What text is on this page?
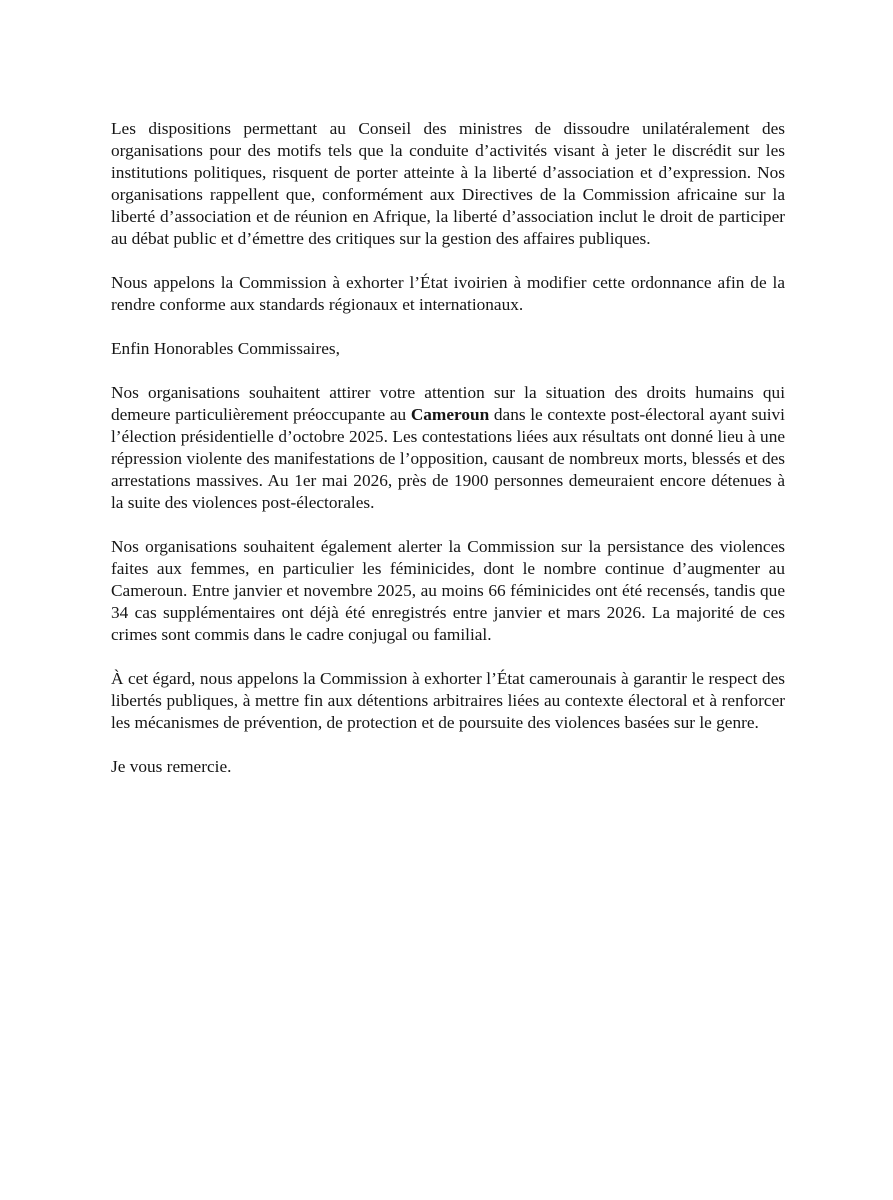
Les dispositions permettant au Conseil des ministres de dissoudre unilatéralement des organisations pour des motifs tels que la conduite d’activités visant à jeter le discrédit sur les institutions politiques, risquent de porter atteinte à la liberté d’association et d’expression. Nos organisations rappellent que, conformément aux Directives de la Commission africaine sur la liberté d’association et de réunion en Afrique, la liberté d’association inclut le droit de participer au débat public et d’émettre des critiques sur la gestion des affaires publiques.

Nous appelons la Commission à exhorter l’État ivoirien à modifier cette ordonnance afin de la rendre conforme aux standards régionaux et internationaux.

Enfin Honorables Commissaires,

Nos organisations souhaitent attirer votre attention sur la situation des droits humains qui demeure particulièrement préoccupante au Cameroun dans le contexte post-électoral ayant suivi l’élection présidentielle d’octobre 2025. Les contestations liées aux résultats ont donné lieu à une répression violente des manifestations de l’opposition, causant de nombreux morts, blessés et des arrestations massives. Au 1er mai 2026, près de 1900 personnes demeuraient encore détenues à la suite des violences post-électorales.

Nos organisations souhaitent également alerter la Commission sur la persistance des violences faites aux femmes, en particulier les féminicides, dont le nombre continue d’augmenter au Cameroun. Entre janvier et novembre 2025, au moins 66 féminicides ont été recensés, tandis que 34 cas supplémentaires ont déjà été enregistrés entre janvier et mars 2026. La majorité de ces crimes sont commis dans le cadre conjugal ou familial.

À cet égard, nous appelons la Commission à exhorter l’État camerounais à garantir le respect des libertés publiques, à mettre fin aux détentions arbitraires liées au contexte électoral et à renforcer les mécanismes de prévention, de protection et de poursuite des violences basées sur le genre.

Je vous remercie.
